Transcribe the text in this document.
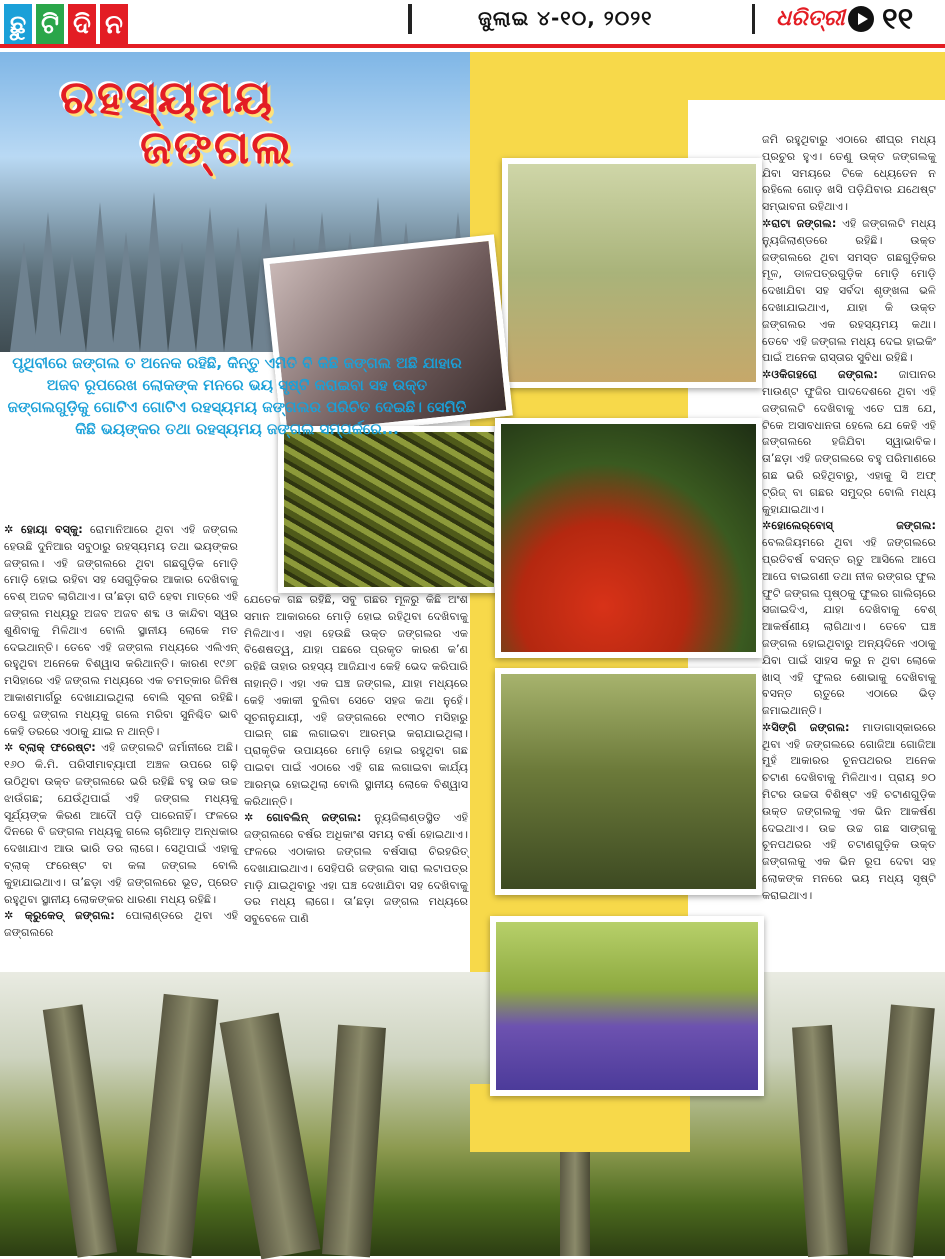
ଛୁ ଟି ଦି ନ	ଜୁଲାଇ ୪-୧୦, ୨୦୨୧	ଧରିତ୍ରୀ ୧୧
ରହସ୍ୟମୟ
ଜଙ୍ଗଲ
ପୃଥିବୀରେ ଜଙ୍ଗଲ ତ ଅନେକ ରହିଛି, କିନ୍ତୁ ଏମିତି ବି କିଛି ଜଙ୍ଗଲ ଅଛି ଯାହାର ଅଜବ ରୂପରେଖ ଲୋକଙ୍କ ମନରେ ଭୟ ସୃଷ୍ଟି କରାଇବା ସହ ଉକ୍ତ ଜଙ୍ଗଲଗୁଡ଼ିକୁ ଗୋଟିଏ ଗୋଟିଏ ରହସ୍ୟମୟ ଜଙ୍ଗଲର ପରିଚିତ ଦେଇଛି। ସେମିତି କିଛି ଭୟଙ୍କର ତଥା ରହସ୍ୟମୟ ଜଙ୍ଗଲ ସମ୍ପର୍କରେ...

✲ ହୋୟା ବସ୍କୁ: ରୋମାନିଆରେ ଥିବା ଏହି ଜଙ୍ଗଲ ହେଉଛି ଦୁନିଆର ସବୁଠାରୁ ରହସ୍ୟମୟ ତଥା ଭୟଙ୍କର ଜଙ୍ଗଲ। ଏହି ଜଙ୍ଗଲରେ ଥିବା ଗଛଗୁଡ଼ିକ ମୋଡ଼ି ମୋଡ଼ି ହୋଇ ରହିବା ସହ ସେଗୁଡ଼ିକର ଆକାର ଦେଖିବାକୁ ବେଶ୍ ଅଜବ ଲାଗିଥାଏ। ତା’ଛଡ଼ା ରାତି ହେବା ମାତ୍ରେ ଏହି ଜଙ୍ଗଲ ମଧ୍ୟରୁ ଅଜବ ଅଜବ ଶବ୍ଦ ଓ କାନ୍ଦିବା ସ୍ୱର ଶୁଣିବାକୁ ମିଳିଥାଏ ବୋଲି ସ୍ଥାନୀୟ ଲୋକେ ମତ ଦେଇଥାନ୍ତି। ତେବେ ଏହି ଜଙ୍ଗଲ ମଧ୍ୟରେ ଏଲିଏନ୍ ରହୁଥିବା ଅନେକେ ବିଶ୍ୱାସ କରିଥାନ୍ତି। କାରଣ ୧୯୬୮ ମସିହାରେ ଏହି ଜଙ୍ଗଲ ମଧ୍ୟରେ ଏକ ଚମତ୍କାର ଜିନିଷ ଆକାଶମାର୍ଗରୁ ଦେଖାଯାଇଥିଲା ବୋଲି ସୂଚନା ରହିଛି। ତେଣୁ ଜଙ୍ଗଲ ମଧ୍ୟକୁ ଗଲେ ମରିବା ସୁନିଶ୍ଚିତ ଭାବି କେହି ଡରରେ ଏଠାକୁ ଯାଇ ନ ଥାନ୍ତି।

✲ ବ୍ଲାକ୍ ଫରେଷ୍ଟ: ଏହି ଜଙ୍ଗଲଟି ଜର୍ମାନୀରେ ଅଛି। ୧୬୦ କି.ମି. ପରିସୀମାବ୍ୟାପୀ ଅଞ୍ଚଳ ଉପରେ ଗଢ଼ି ଉଠିଥିବା ଉକ୍ତ ଜଙ୍ଗଲରେ ଭରି ରହିଛି ବହୁ ଉଚ୍ଚ ଉଚ୍ଚ ଝାଉଁଗଛ; ଯେଉଁଥିପାଇଁ ଏହି ଜଙ୍ଗଲ ମଧ୍ୟକୁ ସୂର୍ଯ୍ୟଙ୍କ କିରଣ ଆଦୌ ପଡ଼ି ପାରେନାହିଁ। ଫଳରେ ଦିନରେ ବି ଜଙ୍ଗଲ ମଧ୍ୟକୁ ଗଲେ ଚାରିଆଡ଼ ଅନ୍ଧକାର ଦେଖାଯାଏ ଆଉ ଭାରି ଡର ଲାଗେ। ସେଥିପାଇଁ ଏହାକୁ ବ୍ଲାକ୍ ଫରେଷ୍ଟ ବା କଳା ଜଙ୍ଗଲ ବୋଲି କୁହାଯାଇଥାଏ। ତା’ଛଡ଼ା ଏହି ଜଙ୍ଗଲରେ ଭୂତ, ପ୍ରେତ ରହୁଥିବା ସ୍ଥାନୀୟ ଲୋକଙ୍କର ଧାରଣା ମଧ୍ୟ ରହିଛି।

✲ କ୍ରୁକେଡ୍ ଜଙ୍ଗଲ: ପୋଲାଣ୍ଡରେ ଥିବା ଏହି ଜଙ୍ଗଲରେ

ଯେତେକ ଗଛ ରହିଛି, ସବୁ ଗଛର ମୂଳରୁ କିଛି ଅଂଶ ସମାନ ଆକାରରେ ମୋଡ଼ି ହୋଇ ରହିଥିବା ଦେଖିବାକୁ ମିଳିଥାଏ। ଏହା ହେଉଛି ଉକ୍ତ ଜଙ୍ଗଲର ଏକ ବିଶେଷତ୍ୱ, ଯାହା ପଛରେ ପ୍ରକୃତ କାରଣ କ’ଣ ରହିଛି ତାହାର ରହସ୍ୟ ଆଜିଯାଏ କେହି ଭେଦ କରିପାରି ନାହାନ୍ତି। ଏହା ଏକ ଘଞ୍ଚ ଜଙ୍ଗଲ, ଯାହା ମଧ୍ୟରେ କେହି ଏକାକୀ ବୁଲିବା ସେତେ ସହଜ କଥା ନୁହେଁ। ସୂଚନାନୁଯାୟୀ, ଏହି ଜଙ୍ଗଲରେ ୧୯୩୦ ମସିହାରୁ ପାଇନ୍ ଗଛ ଲଗାଇବା ଆରମ୍ଭ କରାଯାଇଥିଲା। ପ୍ରାକୃତିକ ଉପାୟରେ ମୋଡ଼ି ହୋଇ ରହୁଥିବା ଗଛ ପାଇବା ପାଇଁ ଏଠାରେ ଏହି ଗଛ ଲଗାଇବା କାର୍ଯ୍ୟ ଆରମ୍ଭ ହୋଇଥିଲା ବୋଲି ସ୍ଥାନୀୟ ଲୋକେ ବିଶ୍ୱାସ କରିଥାନ୍ତି।

✲ ଗୋବଲିନ୍ ଜଙ୍ଗଲ: ନ୍ୟୁଜିଲାଣ୍ଡସ୍ଥିତ ଏହି ଜଙ୍ଗଲରେ ବର୍ଷର ଅଧିକାଂଶ ସମୟ ବର୍ଷା ହୋଇଥାଏ। ଫଳରେ ଏଠାକାର ଜଙ୍ଗଲ ବର୍ଷସାରା ଚିରହରିତ୍ ଦେଖାଯାଇଥାଏ। ସେହିପରି ଜଙ୍ଗଲ ସାରା ଲଟାପତ୍ର ମାଡ଼ି ଯାଇଥିବାରୁ ଏହା ଘଞ୍ଚ ଦେଖାଯିବା ସହ ଦେଖିବାକୁ ଡର ମଧ୍ୟ ଲାଗେ। ତା’ଛଡ଼ା ଜଙ୍ଗଲ ମଧ୍ୟରେ ସବୁବେଳେ ପାଣି

ଜମି ରହୁଥିବାରୁ ଏଠାରେ ଶୀଘ୍ର ମଧ୍ୟ ପ୍ରଚୁର ହୁଏ। ତେଣୁ ଉକ୍ତ ଜଙ୍ଗଲକୁ ଯିବା ସମୟରେ ଟିକେ ଧ୍ୟେତେନ ନ ରହିଲେ ଗୋଡ଼ ଖସି ପଡ଼ିଯିବାର ଯଥେଷ୍ଟ ସମ୍ଭାବନା ରହିଥାଏ।

✲ରାଟା ଜଙ୍ଗଲ: ଏହି ଜଙ୍ଗଲଟି ମଧ୍ୟ ନ୍ୟୁଜିଲାଣ୍ଡରେ ରହିଛି। ଉକ୍ତ ଜଙ୍ଗଲରେ ଥିବା ସମସ୍ତ ଗଛଗୁଡ଼ିକର ମୂଳ, ଡାଳପତ୍ରଗୁଡ଼ିକ ମୋଡ଼ି ମୋଡ଼ି ଦେଖାଯିବା ସହ ସର୍ବଦା ଶୃଙ୍ଖଳା ଭଳି ଦେଖାଯାଇଥାଏ, ଯାହା କି ଉକ୍ତ ଜଙ୍ଗଲର ଏକ ରହସ୍ୟମୟ କଥା। ତେବେ ଏହି ଜଙ୍ଗଲ ମଧ୍ୟ ଦେଇ ହାଇକିଂ ପାଇଁ ଅନେକ ରାସ୍ତାର ସୁବିଧା ରହିଛି।

✲ଓକିଗହରୋ ଜଙ୍ଗଲ: ଜାପାନର ମାଉଣ୍ଟ ଫୁଜିର ପାଦଦେଶରେ ଥିବା ଏହି ଜଙ୍ଗଲଟି ଦେଖିବାକୁ ଏତେ ଘଞ୍ଚ ଯେ, ଟିକେ ଅସାବଧାନତା ହେଲେ ଯେ କେହି ଏହି ଜଙ୍ଗଲରେ ହଜିଯିବା ସ୍ୱାଭାବିକ। ତା’ଛଡ଼ା ଏହି ଜଙ୍ଗଲରେ ବହୁ ପରିମାଣରେ ଗଛ ଭରି ରହିଥିବାରୁ, ଏହାକୁ ସି ଅଫ୍ ଟ୍ରିଜ୍ ବା ଗଛର ସମୁଦ୍ର ବୋଲି ମଧ୍ୟ କୁହାଯାଇଥାଏ।

✲ହୋଲେର୍‌ବୋସ୍ ଜଙ୍ଗଲ: ବେଲଜିୟମରେ ଥିବା ଏହି ଜଙ୍ଗଲରେ ପ୍ରତିବର୍ଷ ବସନ୍ତ ଋତୁ ଆସିଲେ ଆପେ ଆପେ ବାଇଗଣୀ ତଥା ନୀଳ ରଙ୍ଗର ଫୁଲ ଫୁଟି ଜଙ୍ଗଲ ପୃଷ୍ଠକୁ ଫୁଲର ଗାଲିଚାରେ ସଜାଇଦିଏ, ଯାହା ଦେଖିବାକୁ ବେଶ୍ ଆକର୍ଷଣୀୟ ଲାଗିଥାଏ। ତେବେ ଘଞ୍ଚ ଜଙ୍ଗଲ ହୋଇଥିବାରୁ ଅନ୍ୟଦିନେ ଏଠାକୁ ଯିବା ପାଇଁ ସାହସ କରୁ ନ ଥିବା ଲୋକେ ଖାସ୍ ଏହି ଫୁଲର ଶୋଭାକୁ ଦେଖିବାକୁ ବସନ୍ତ ଋତୁରେ ଏଠାରେ ଭିଡ଼ ଜମାଇଥାନ୍ତି।

✲ସିଙ୍ଗି ଜଙ୍ଗଲ: ମାଡାଗାସ୍କାରରେ ଥିବା ଏହି ଜଙ୍ଗଲରେ ଗୋଜିଆ ଗୋଜିଆ ମୁହଁ ଆକାରର ଚୂନପଥରର ଅନେକ ଚଟାଣ ଦେଖିବାକୁ ମିଳିଥାଏ। ପ୍ରାୟ ୭୦ ମିଟର ଉଚ୍ଚତା ବିଶିଷ୍ଟ ଏହି ଚଟାଣଗୁଡ଼ିକ ଉକ୍ତ ଜଙ୍ଗଲକୁ ଏକ ଭିନ ଆକର୍ଷଣ ଦେଇଥାଏ। ଉଚ୍ଚ ଉଚ୍ଚ ଗଛ ସାଙ୍ଗକୁ ଚୂନପଥରର ଏହି ଚଟାଣଗୁଡ଼ିକ ଉକ୍ତ ଜଙ୍ଗଲକୁ ଏକ ଭିନ ରୂପ ଦେବା ସହ ଲୋକଙ୍କ ମନରେ ଭୟ ମଧ୍ୟ ସୃଷ୍ଟି କରାଇଥାଏ।
